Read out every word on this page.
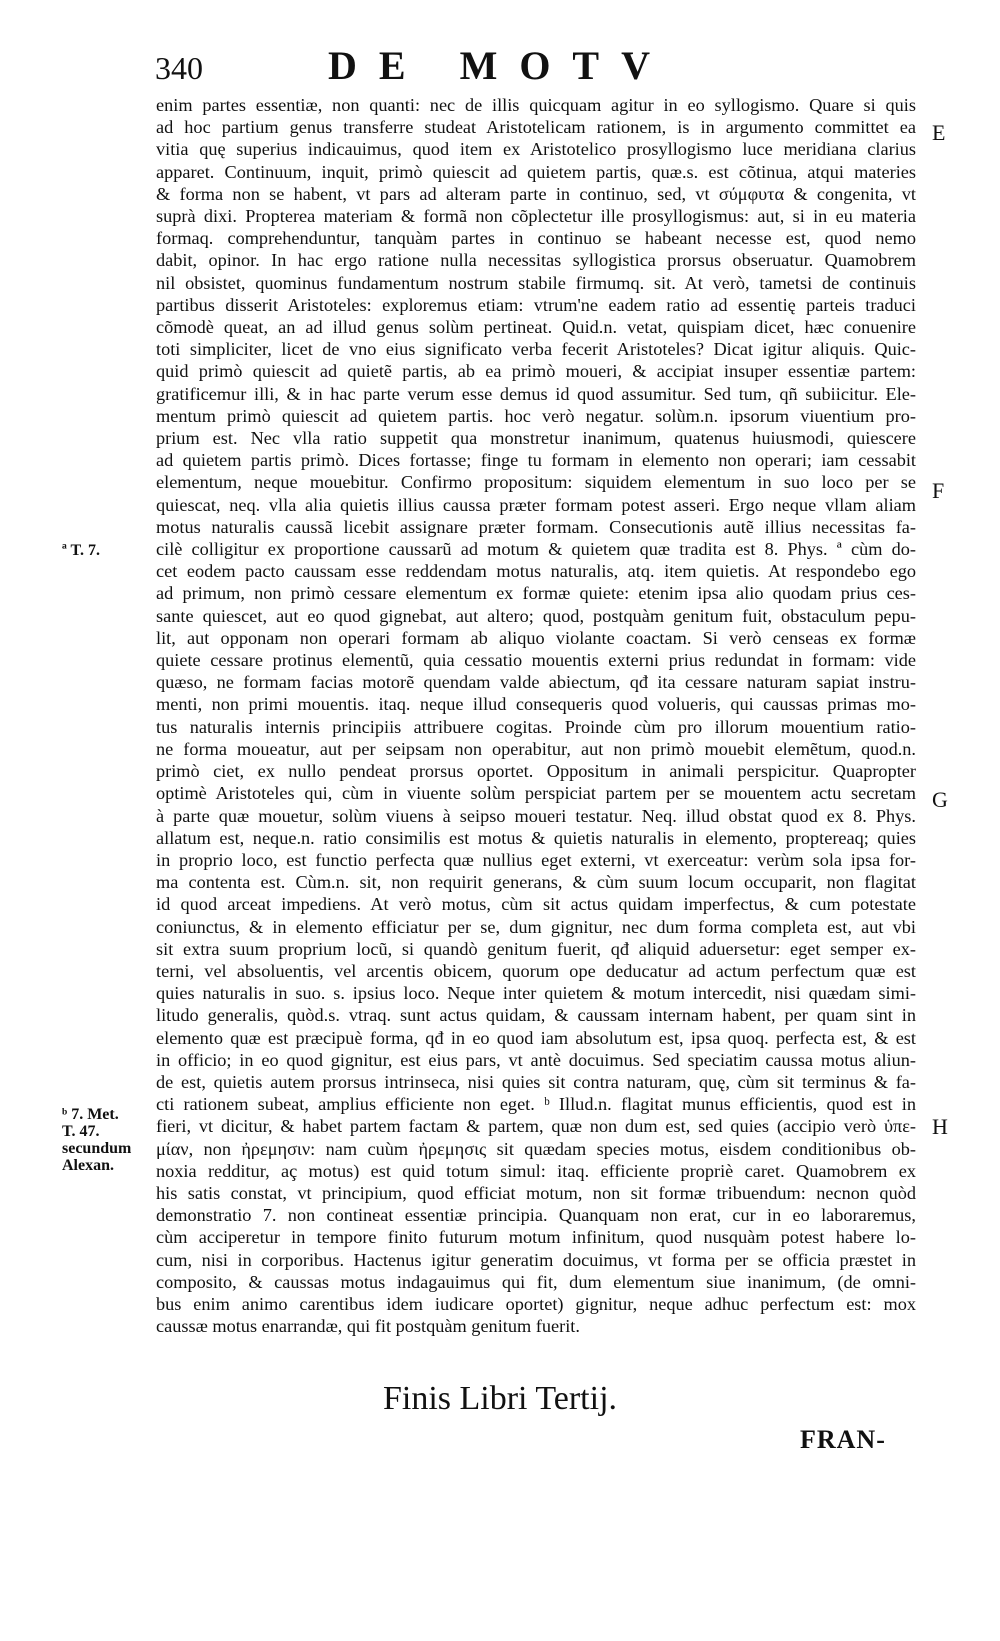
340	DE MOTV
enim partes essentiæ, non quanti: nec de illis quicquam agitur in eo syllogismo. Quare si quis
ad hoc partium genus transferre studeat Aristotelicam rationem, is in argumento committet ea
vitia quę superius indicauimus, quod item ex Aristotelico prosyllogismo luce meridiana clarius
apparet. Continuum, inquit, primò quiescit ad quietem partis, quæ.s. est cõtinua, atqui materies
& forma non se habent, vt pars ad alteram parte in continuo, sed, vt σύμφυτα & congenita, vt
suprà dixi. Propterea materiam & formã non cõplectetur ille prosyllogismus: aut, si in eu materia
formaq. comprehenduntur, tanquàm partes in continuo se habeant necesse est, quod nemo
dabit, opinor. In hac ergo ratione nulla necessitas syllogistica prorsus obseruatur. Quamobrem
nil obsistet, quominus fundamentum nostrum stabile firmumq. sit. At verò, tametsi de continuis
partibus disserit Aristoteles: exploremus etiam: vtrum'ne eadem ratio ad essentię parteis traduci
cõmodè queat, an ad illud genus solùm pertineat. Quid.n. vetat, quispiam dicet, hæc conuenire
toti simpliciter, licet de vno eius significato verba fecerit Aristoteles? Dicat igitur aliquis. Quic-
quid primò quiescit ad quietẽ partis, ab ea primò moueri, & accipiat insuper essentiæ partem:
gratificemur illi, & in hac parte verum esse demus id quod assumitur. Sed tum, qñ subiicitur. Ele-
mentum primò quiescit ad quietem partis. hoc verò negatur. solùm.n. ipsorum viuentium pro-
prium est. Nec vlla ratio suppetit qua monstretur inanimum, quatenus huiusmodi, quiescere
ad quietem partis primò. Dices fortasse; finge tu formam in elemento non operari; iam cessabit
elementum, neque mouebitur. Confirmo propositum: siquidem elementum in suo loco per se
quiescat, neq. vlla alia quietis illius caussa præter formam potest asseri. Ergo neque vllam aliam
motus naturalis caussã licebit assignare præter formam. Consecutionis autẽ illius necessitas fa-
cilè colligitur ex proportione caussarũ ad motum & quietem quæ tradita est 8. Phys. ª cùm do-
cet eodem pacto caussam esse reddendam motus naturalis, atq. item quietis. At respondebo ego
ad primum, non primò cessare elementum ex formæ quiete: etenim ipsa alio quodam prius ces-
sante quiescet, aut eo quod gignebat, aut altero; quod, postquàm genitum fuit, obstaculum pepu-
lit, aut opponam non operari formam ab aliquo violante coactam. Si verò censeas ex formæ
quiete cessare protinus elementũ, quia cessatio mouentis externi prius redundat in formam: vide
quæso, ne formam facias motorẽ quendam valde abiectum, qđ ita cessare naturam sapiat instru-
menti, non primi mouentis. itaq. neque illud consequeris quod volueris, qui caussas primas mo-
tus naturalis internis principiis attribuere cogitas. Proinde cùm pro illorum mouentium ratio-
ne forma moueatur, aut per seipsam non operabitur, aut non primò mouebit elemẽtum, quod.n.
primò ciet, ex nullo pendeat prorsus oportet. Oppositum in animali perspicitur. Quapropter
optimè Aristoteles qui, cùm in viuente solùm perspiciat partem per se mouentem actu secretam
à parte quæ mouetur, solùm viuens à seipso moueri testatur. Neq. illud obstat quod ex 8. Phys.
allatum est, neque.n. ratio consimilis est motus & quietis naturalis in elemento, proptereaq; quies
in proprio loco, est functio perfecta quæ nullius eget externi, vt exerceatur: verùm sola ipsa for-
ma contenta est. Cùm.n. sit, non requirit generans, & cùm suum locum occuparit, non flagitat
id quod arceat impediens. At verò motus, cùm sit actus quidam imperfectus, & cum potestate
coniunctus, & in elemento efficiatur per se, dum gignitur, nec dum forma completa est, aut vbi
sit extra suum proprium locũ, si quandò genitum fuerit, qđ aliquid aduersetur: eget semper ex-
terni, vel absoluentis, vel arcentis obicem, quorum ope deducatur ad actum perfectum quæ est
quies naturalis in suo. s. ipsius loco. Neque inter quietem & motum intercedit, nisi quædam simi-
litudo generalis, quòd.s. vtraq. sunt actus quidam, & caussam internam habent, per quam sint in
elemento quæ est præcipuè forma, qđ in eo quod iam absolutum est, ipsa quoq. perfecta est, & est
in officio; in eo quod gignitur, est eius pars, vt antè docuimus. Sed speciatim caussa motus aliun-
de est, quietis autem prorsus intrinseca, nisi quies sit contra naturam, quę, cùm sit terminus & fa-
cti rationem subeat, amplius efficiente non eget. ᵇ Illud.n. flagitat munus efficientis, quod est in
fieri, vt dicitur, & habet partem factam & partem, quæ non dum est, sed quies (accipio verò ὑπε-
μίαν, non ἠρεμησιν: nam cuùm ἠρεμησις sit quædam species motus, eisdem conditionibus ob-
noxia redditur, aç motus) est quid totum simul: itaq. efficiente propriè caret. Quamobrem ex
his satis constat, vt principium, quod efficiat motum, non sit formæ tribuendum: necnon quòd
demonstratio 7. non contineat essentiæ principia. Quanquam non erat, cur in eo laboraremus,
cùm acciperetur in tempore finito futurum motum infinitum, quod nusquàm potest habere lo-
cum, nisi in corporibus. Hactenus igitur generatim docuimus, vt forma per se officia præstet in
composito, & caussas motus indagauimus qui fit, dum elementum siue inanimum, (de omni-
bus enim animo carentibus idem iudicare oportet) gignitur, neque adhuc perfectum est: mox
caussæ motus enarrandæ, qui fit postquàm genitum fuerit.
E
F
G
H
ª T. 7.
ᵇ 7. Met.
T. 47.
secundum
Alexan.
Finis Libri Tertij.
FRAN-
